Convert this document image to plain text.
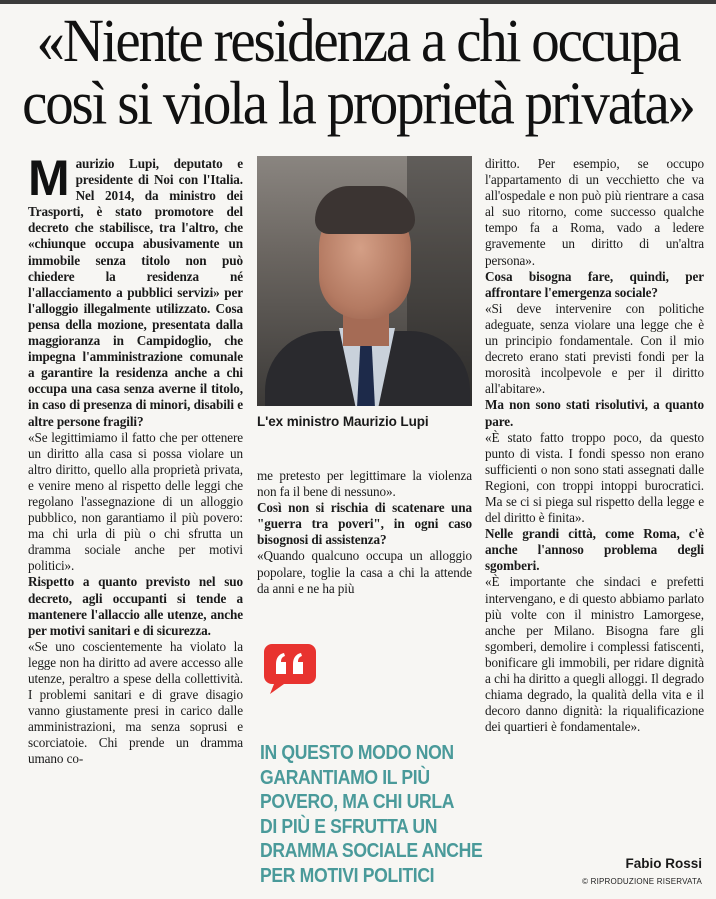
«Niente residenza a chi occupa
così si viola la proprietà privata»

Maurizio Lupi, deputato e presidente di Noi con l'Italia. Nel 2014, da ministro dei Trasporti, è stato promotore del decreto che stabilisce, tra l'altro, che «chiunque occupa abusivamente un immobile senza titolo non può chiedere la residenza né l'allacciamento a pubblici servizi» per l'alloggio illegalmente utilizzato. Cosa pensa della mozione, presentata dalla maggioranza in Campidoglio, che impegna l'amministrazione comunale a garantire la residenza anche a chi occupa una casa senza averne il titolo, in caso di presenza di minori, disabili e altre persone fragili?

«Se legittimiamo il fatto che per ottenere un diritto alla casa si possa violare un altro diritto, quello alla proprietà privata, e venire meno al rispetto delle leggi che regolano l'assegnazione di un alloggio pubblico, non garantiamo il più povero: ma chi urla di più o chi sfrutta un dramma sociale anche per motivi politici».

Rispetto a quanto previsto nel suo decreto, agli occupanti si tende a mantenere l'allaccio alle utenze, anche per motivi sanitari e di sicurezza.

«Se uno coscientemente ha violato la legge non ha diritto ad avere accesso alle utenze, peraltro a spese della collettività. I problemi sanitari e di grave disagio vanno giustamente presi in carico dalle amministrazioni, ma senza soprusi e scorciatoie. Chi prende un dramma umano co-

L'ex ministro Maurizio Lupi

me pretesto per legittimare la violenza non fa il bene di nessuno».

Così non si rischia di scatenare una "guerra tra poveri", in ogni caso bisognosi di assistenza?

«Quando qualcuno occupa un alloggio popolare, toglie la casa a chi la attende da anni e ne ha più

IN QUESTO MODO NON
GARANTIAMO IL PIÙ
POVERO, MA CHI URLA
DI PIÙ E SFRUTTA UN
DRAMMA SOCIALE ANCHE
PER MOTIVI POLITICI

diritto. Per esempio, se occupo l'appartamento di un vecchietto che va all'ospedale e non può più rientrare a casa al suo ritorno, come successo qualche tempo fa a Roma, vado a ledere gravemente un diritto di un'altra persona».

Cosa bisogna fare, quindi, per affrontare l'emergenza sociale?

«Si deve intervenire con politiche adeguate, senza violare una legge che è un principio fondamentale. Con il mio decreto erano stati previsti fondi per la morosità incolpevole e per il diritto all'abitare».

Ma non sono stati risolutivi, a quanto pare.

«È stato fatto troppo poco, da questo punto di vista. I fondi spesso non erano sufficienti o non sono stati assegnati dalle Regioni, con troppi intoppi burocratici. Ma se ci si piega sul rispetto della legge e del diritto è finita».

Nelle grandi città, come Roma, c'è anche l'annoso problema degli sgomberi.

«È importante che sindaci e prefetti intervengano, e di questo abbiamo parlato più volte con il ministro Lamorgese, anche per Milano. Bisogna fare gli sgomberi, demolire i complessi fatiscenti, bonificare gli immobili, per ridare dignità a chi ha diritto a quegli alloggi. Il degrado chiama degrado, la qualità della vita e il decoro danno dignità: la riqualificazione dei quartieri è fondamentale».

Fabio Rossi
© RIPRODUZIONE RISERVATA
